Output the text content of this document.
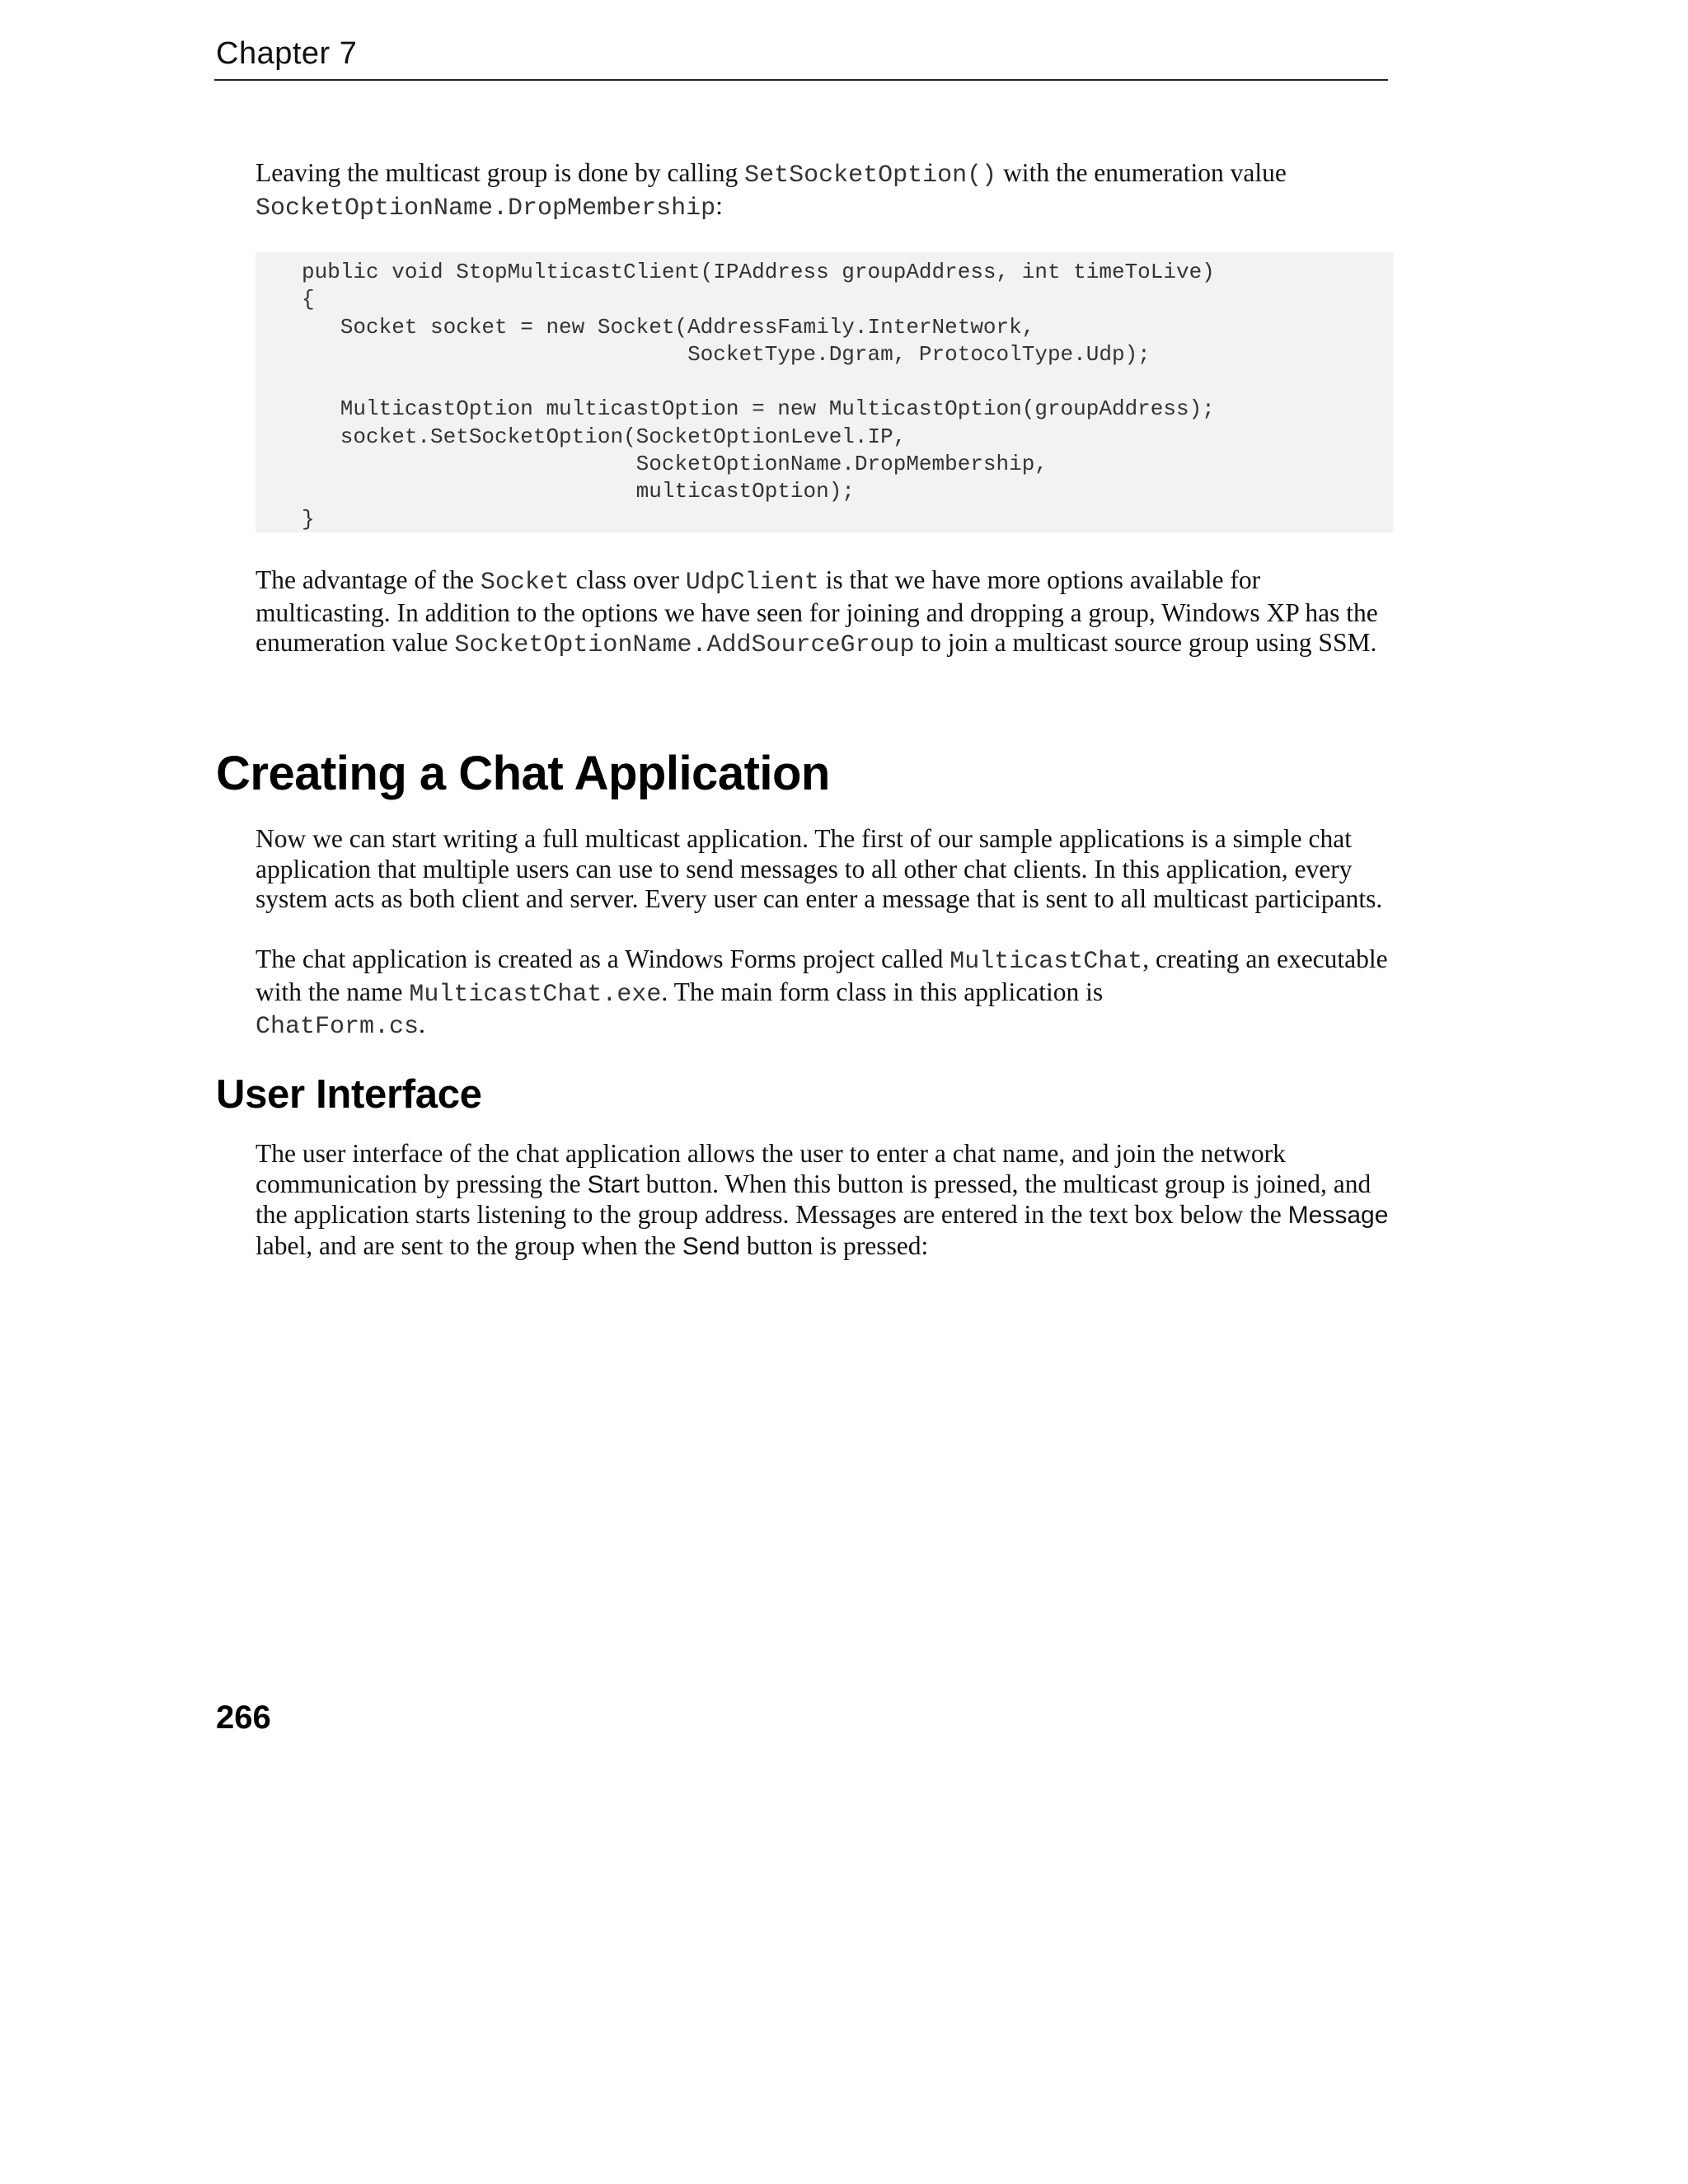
Chapter 7

Leaving the multicast group is done by calling SetSocketOption() with the enumeration value
SocketOptionName.DropMembership:

public void StopMulticastClient(IPAddress groupAddress, int timeToLive)
{
Socket socket = new Socket(AddressFamily.InterNetwork,
SocketType.Dgram, ProtocolType.Udp);

MulticastOption multicastOption = new MulticastOption(groupAddress);
socket.SetSocketOption(SocketOptionLevel.IP,
SocketOptionName.DropMembership,
multicastOption);
}

The advantage of the Socket class over UdpClient is that we have more options available for multicasting. In addition to the options we have seen for joining and dropping a group, Windows XP has the enumeration value SocketOptionName.AddSourceGroup to join a multicast source group using SSM.

Creating a Chat Application

Now we can start writing a full multicast application. The first of our sample applications is a simple chat application that multiple users can use to send messages to all other chat clients. In this application, every system acts as both client and server. Every user can enter a message that is sent to all multicast participants.

The chat application is created as a Windows Forms project called MulticastChat, creating an executable with the name MulticastChat.exe. The main form class in this application is
ChatForm.cs.

User Interface

The user interface of the chat application allows the user to enter a chat name, and join the network communication by pressing the Start button. When this button is pressed, the multicast group is joined, and the application starts listening to the group address. Messages are entered in the text box below the Message label, and are sent to the group when the Send button is pressed:

266
